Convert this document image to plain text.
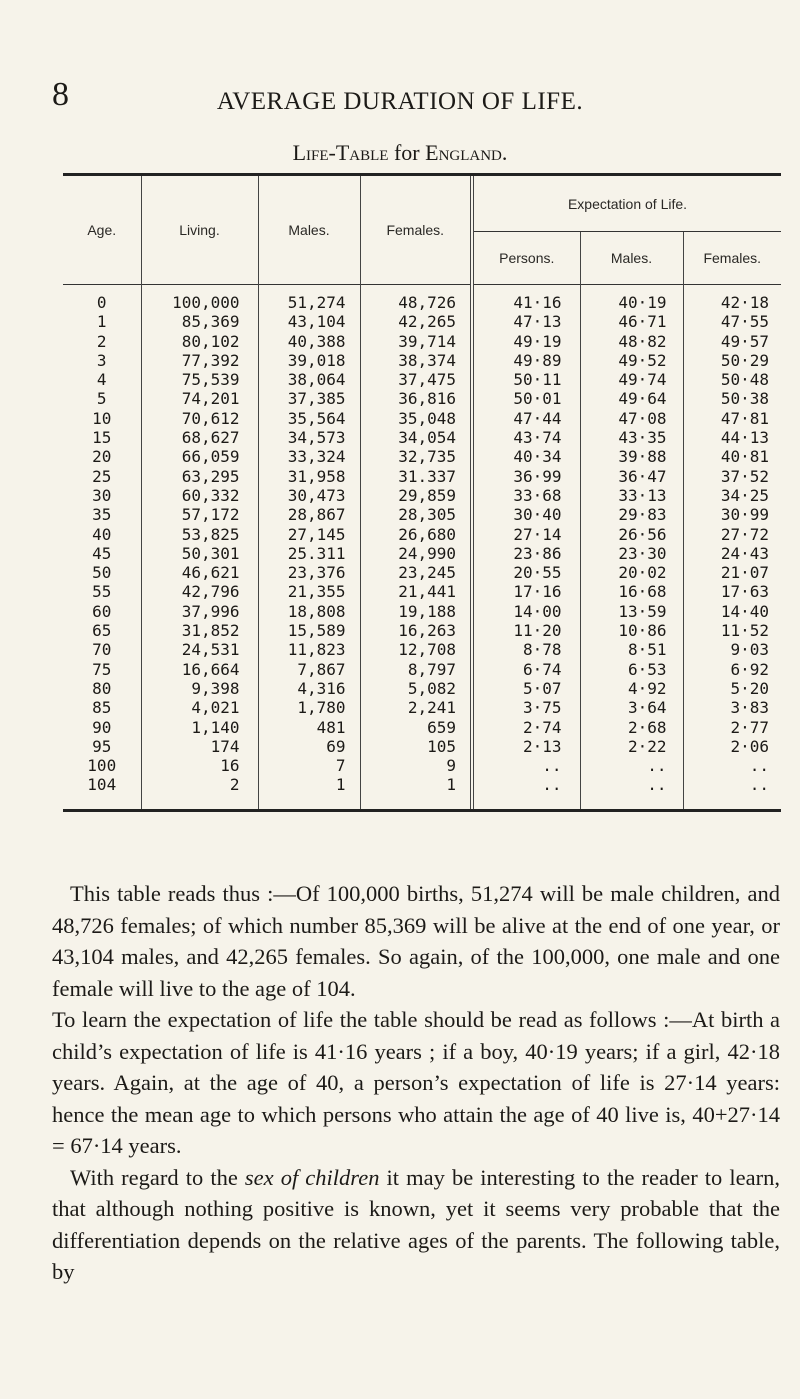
8	AVERAGE DURATION OF LIFE.
Life-Table for England.
Age.	Living.	Males.	Females.	Expectation of Life.		
				Persons.	Males.	Females.
0	100,000	51,274	48,726	41·16	40·19	42·18
1	85,369	43,104	42,265	47·13	46·71	47·55
2	80,102	40,388	39,714	49·19	48·82	49·57
3	77,392	39,018	38,374	49·89	49·52	50·29
4	75,539	38,064	37,475	50·11	49·74	50·48
5	74,201	37,385	36,816	50·01	49·64	50·38
10	70,612	35,564	35,048	47·44	47·08	47·81
15	68,627	34,573	34,054	43·74	43·35	44·13
20	66,059	33,324	32,735	40·34	39·88	40·81
25	63,295	31,958	31.337	36·99	36·47	37·52
30	60,332	30,473	29,859	33·68	33·13	34·25
35	57,172	28,867	28,305	30·40	29·83	30·99
40	53,825	27,145	26,680	27·14	26·56	27·72
45	50,301	25.311	24,990	23·86	23·30	24·43
50	46,621	23,376	23,245	20·55	20·02	21·07
55	42,796	21,355	21,441	17·16	16·68	17·63
60	37,996	18,808	19,188	14·00	13·59	14·40
65	31,852	15,589	16,263	11·20	10·86	11·52
70	24,531	11,823	12,708	8·78	8·51	9·03
75	16,664	7,867	8,797	6·74	6·53	6·92
80	9,398	4,316	5,082	5·07	4·92	5·20
85	4,021	1,780	2,241	3·75	3·64	3·83
90	1,140	481	659	2·74	2·68	2·77
95	174	69	105	2·13	2·22	2·06
100	16	7	9	..	..	..
104	2	1	1	..	..	..

This table reads thus :—Of 100,000 births, 51,274 will be male children, and 48,726 females; of which number 85,369 will be alive at the end of one year, or 43,104 males, and 42,265 females. So again, of the 100,000, one male and one female will live to the age of 104.

To learn the expectation of life the table should be read as follows :—At birth a child’s expectation of life is 41·16 years ; if a boy, 40·19 years; if a girl, 42·18 years. Again, at the age of 40, a person’s expectation of life is 27·14 years: hence the mean age to which persons who attain the age of 40 live is, 40+27·14 = 67·14 years.

With regard to the sex of children it may be interesting to the reader to learn, that although nothing positive is known, yet it seems very probable that the differentiation depends on the relative ages of the parents. The following table, by
